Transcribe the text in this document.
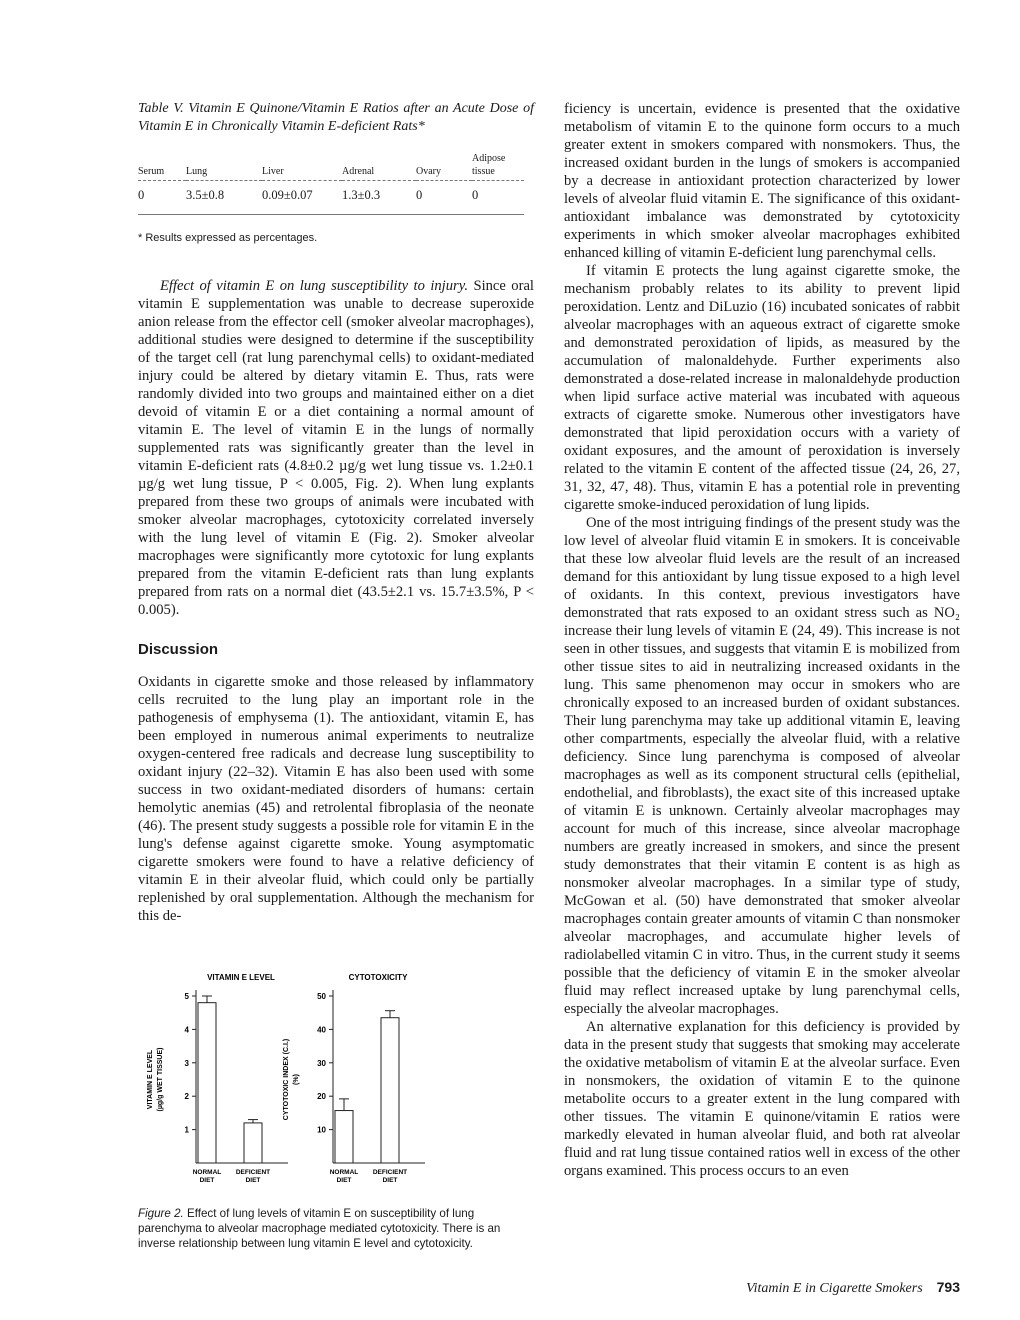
Table V. Vitamin E Quinone/Vitamin E Ratios after an Acute Dose of Vitamin E in Chronically Vitamin E-deficient Rats*

Serum	Lung	Liver	Adrenal	Ovary	Adipose tissue
0	3.5±0.8	0.09±0.07	1.3±0.3	0	0

* Results expressed as percentages.

Effect of vitamin E on lung susceptibility to injury. Since oral vitamin E supplementation was unable to decrease superoxide anion release from the effector cell (smoker alveolar macrophages), additional studies were designed to determine if the susceptibility of the target cell (rat lung parenchymal cells) to oxidant-mediated injury could be altered by dietary vitamin E. Thus, rats were randomly divided into two groups and maintained either on a diet devoid of vitamin E or a diet containing a normal amount of vitamin E. The level of vitamin E in the lungs of normally supplemented rats was significantly greater than the level in vitamin E-deficient rats (4.8±0.2 µg/g wet lung tissue vs. 1.2±0.1 µg/g wet lung tissue, P < 0.005, Fig. 2). When lung explants prepared from these two groups of animals were incubated with smoker alveolar macrophages, cytotoxicity correlated inversely with the lung level of vitamin E (Fig. 2). Smoker alveolar macrophages were significantly more cytotoxic for lung explants prepared from the vitamin E-deficient rats than lung explants prepared from rats on a normal diet (43.5±2.1 vs. 15.7±3.5%, P < 0.005).

Discussion

Oxidants in cigarette smoke and those released by inflammatory cells recruited to the lung play an important role in the pathogenesis of emphysema (1). The antioxidant, vitamin E, has been employed in numerous animal experiments to neutralize oxygen-centered free radicals and decrease lung susceptibility to oxidant injury (22–32). Vitamin E has also been used with some success in two oxidant-mediated disorders of humans: certain hemolytic anemias (45) and retrolental fibroplasia of the neonate (46). The present study suggests a possible role for vitamin E in the lung's defense against cigarette smoke. Young asymptomatic cigarette smokers were found to have a relative deficiency of vitamin E in their alveolar fluid, which could only be partially replenished by oral supplementation. Although the mechanism for this de-

VITAMIN E LEVEL
1
2
3
4
5
VITAMIN E LEVEL (µg/g WET TISSUE)
NORMAL
DIET
DEFICIENT
DIET
CYTOTOXICITY
10
20
30
40
50
CYTOTOXIC INDEX (C.I.) (%)
NORMAL
DIET
DEFICIENT
DIET

Figure 2. Effect of lung levels of vitamin E on susceptibility of lung parenchyma to alveolar macrophage mediated cytotoxicity. There is an inverse relationship between lung vitamin E level and cytotoxicity.

ficiency is uncertain, evidence is presented that the oxidative metabolism of vitamin E to the quinone form occurs to a much greater extent in smokers compared with nonsmokers. Thus, the increased oxidant burden in the lungs of smokers is accompanied by a decrease in antioxidant protection characterized by lower levels of alveolar fluid vitamin E. The significance of this oxidant-antioxidant imbalance was demonstrated by cytotoxicity experiments in which smoker alveolar macrophages exhibited enhanced killing of vitamin E-deficient lung parenchymal cells.

If vitamin E protects the lung against cigarette smoke, the mechanism probably relates to its ability to prevent lipid peroxidation. Lentz and DiLuzio (16) incubated sonicates of rabbit alveolar macrophages with an aqueous extract of cigarette smoke and demonstrated peroxidation of lipids, as measured by the accumulation of malonaldehyde. Further experiments also demonstrated a dose-related increase in malonaldehyde production when lipid surface active material was incubated with aqueous extracts of cigarette smoke. Numerous other investigators have demonstrated that lipid peroxidation occurs with a variety of oxidant exposures, and the amount of peroxidation is inversely related to the vitamin E content of the affected tissue (24, 26, 27, 31, 32, 47, 48). Thus, vitamin E has a potential role in preventing cigarette smoke-induced peroxidation of lung lipids.

One of the most intriguing findings of the present study was the low level of alveolar fluid vitamin E in smokers. It is conceivable that these low alveolar fluid levels are the result of an increased demand for this antioxidant by lung tissue exposed to a high level of oxidants. In this context, previous investigators have demonstrated that rats exposed to an oxidant stress such as NO₂ increase their lung levels of vitamin E (24, 49). This increase is not seen in other tissues, and suggests that vitamin E is mobilized from other tissue sites to aid in neutralizing increased oxidants in the lung. This same phenomenon may occur in smokers who are chronically exposed to an increased burden of oxidant substances. Their lung parenchyma may take up additional vitamin E, leaving other compartments, especially the alveolar fluid, with a relative deficiency. Since lung parenchyma is composed of alveolar macrophages as well as its component structural cells (epithelial, endothelial, and fibroblasts), the exact site of this increased uptake of vitamin E is unknown. Certainly alveolar macrophages may account for much of this increase, since alveolar macrophage numbers are greatly increased in smokers, and since the present study demonstrates that their vitamin E content is as high as nonsmoker alveolar macrophages. In a similar type of study, McGowan et al. (50) have demonstrated that smoker alveolar macrophages contain greater amounts of vitamin C than nonsmoker alveolar macrophages, and accumulate higher levels of radiolabelled vitamin C in vitro. Thus, in the current study it seems possible that the deficiency of vitamin E in the smoker alveolar fluid may reflect increased uptake by lung parenchymal cells, especially the alveolar macrophages.

An alternative explanation for this deficiency is provided by data in the present study that suggests that smoking may accelerate the oxidative metabolism of vitamin E at the alveolar surface. Even in nonsmokers, the oxidation of vitamin E to the quinone metabolite occurs to a greater extent in the lung compared with other tissues. The vitamin E quinone/vitamin E ratios were markedly elevated in human alveolar fluid, and both rat alveolar fluid and rat lung tissue contained ratios well in excess of the other organs examined. This process occurs to an even

Vitamin E in Cigarette Smokers 793
